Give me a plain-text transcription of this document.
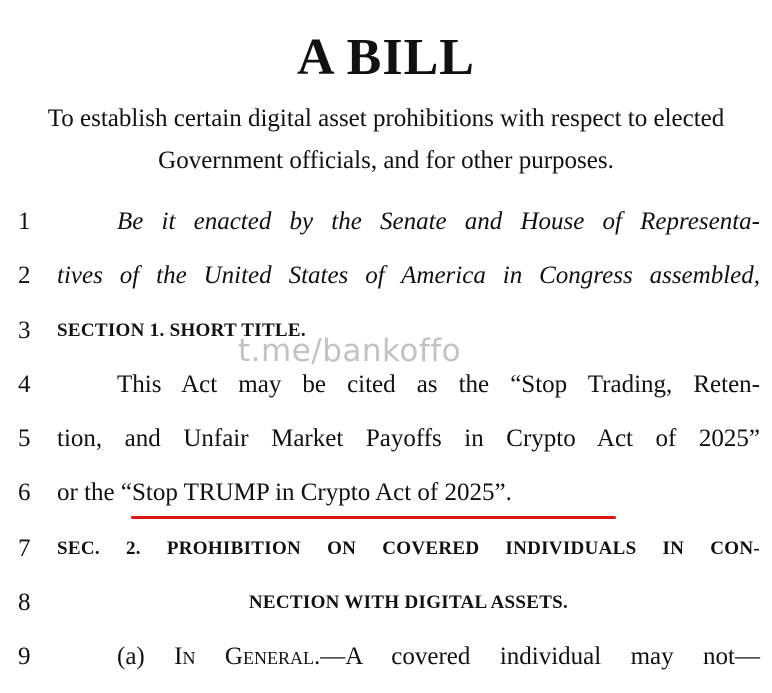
A BILL
To establish certain digital asset prohibitions with respect to elected Government officials, and for other purposes.
1	Be it enacted by the Senate and House of Representa-
2	tives of the United States of America in Congress assembled,
3	SECTION 1. SHORT TITLE.
4	This Act may be cited as the “Stop Trading, Reten-
5	tion, and Unfair Market Payoffs in Crypto Act of 2025”
6	or the “Stop TRUMP in Crypto Act of 2025”.
7	SEC. 2. PROHIBITION ON COVERED INDIVIDUALS IN CON-
8	NECTION WITH DIGITAL ASSETS.
9	(a) In General.—A covered individual may not—
t.me/bankoffo
